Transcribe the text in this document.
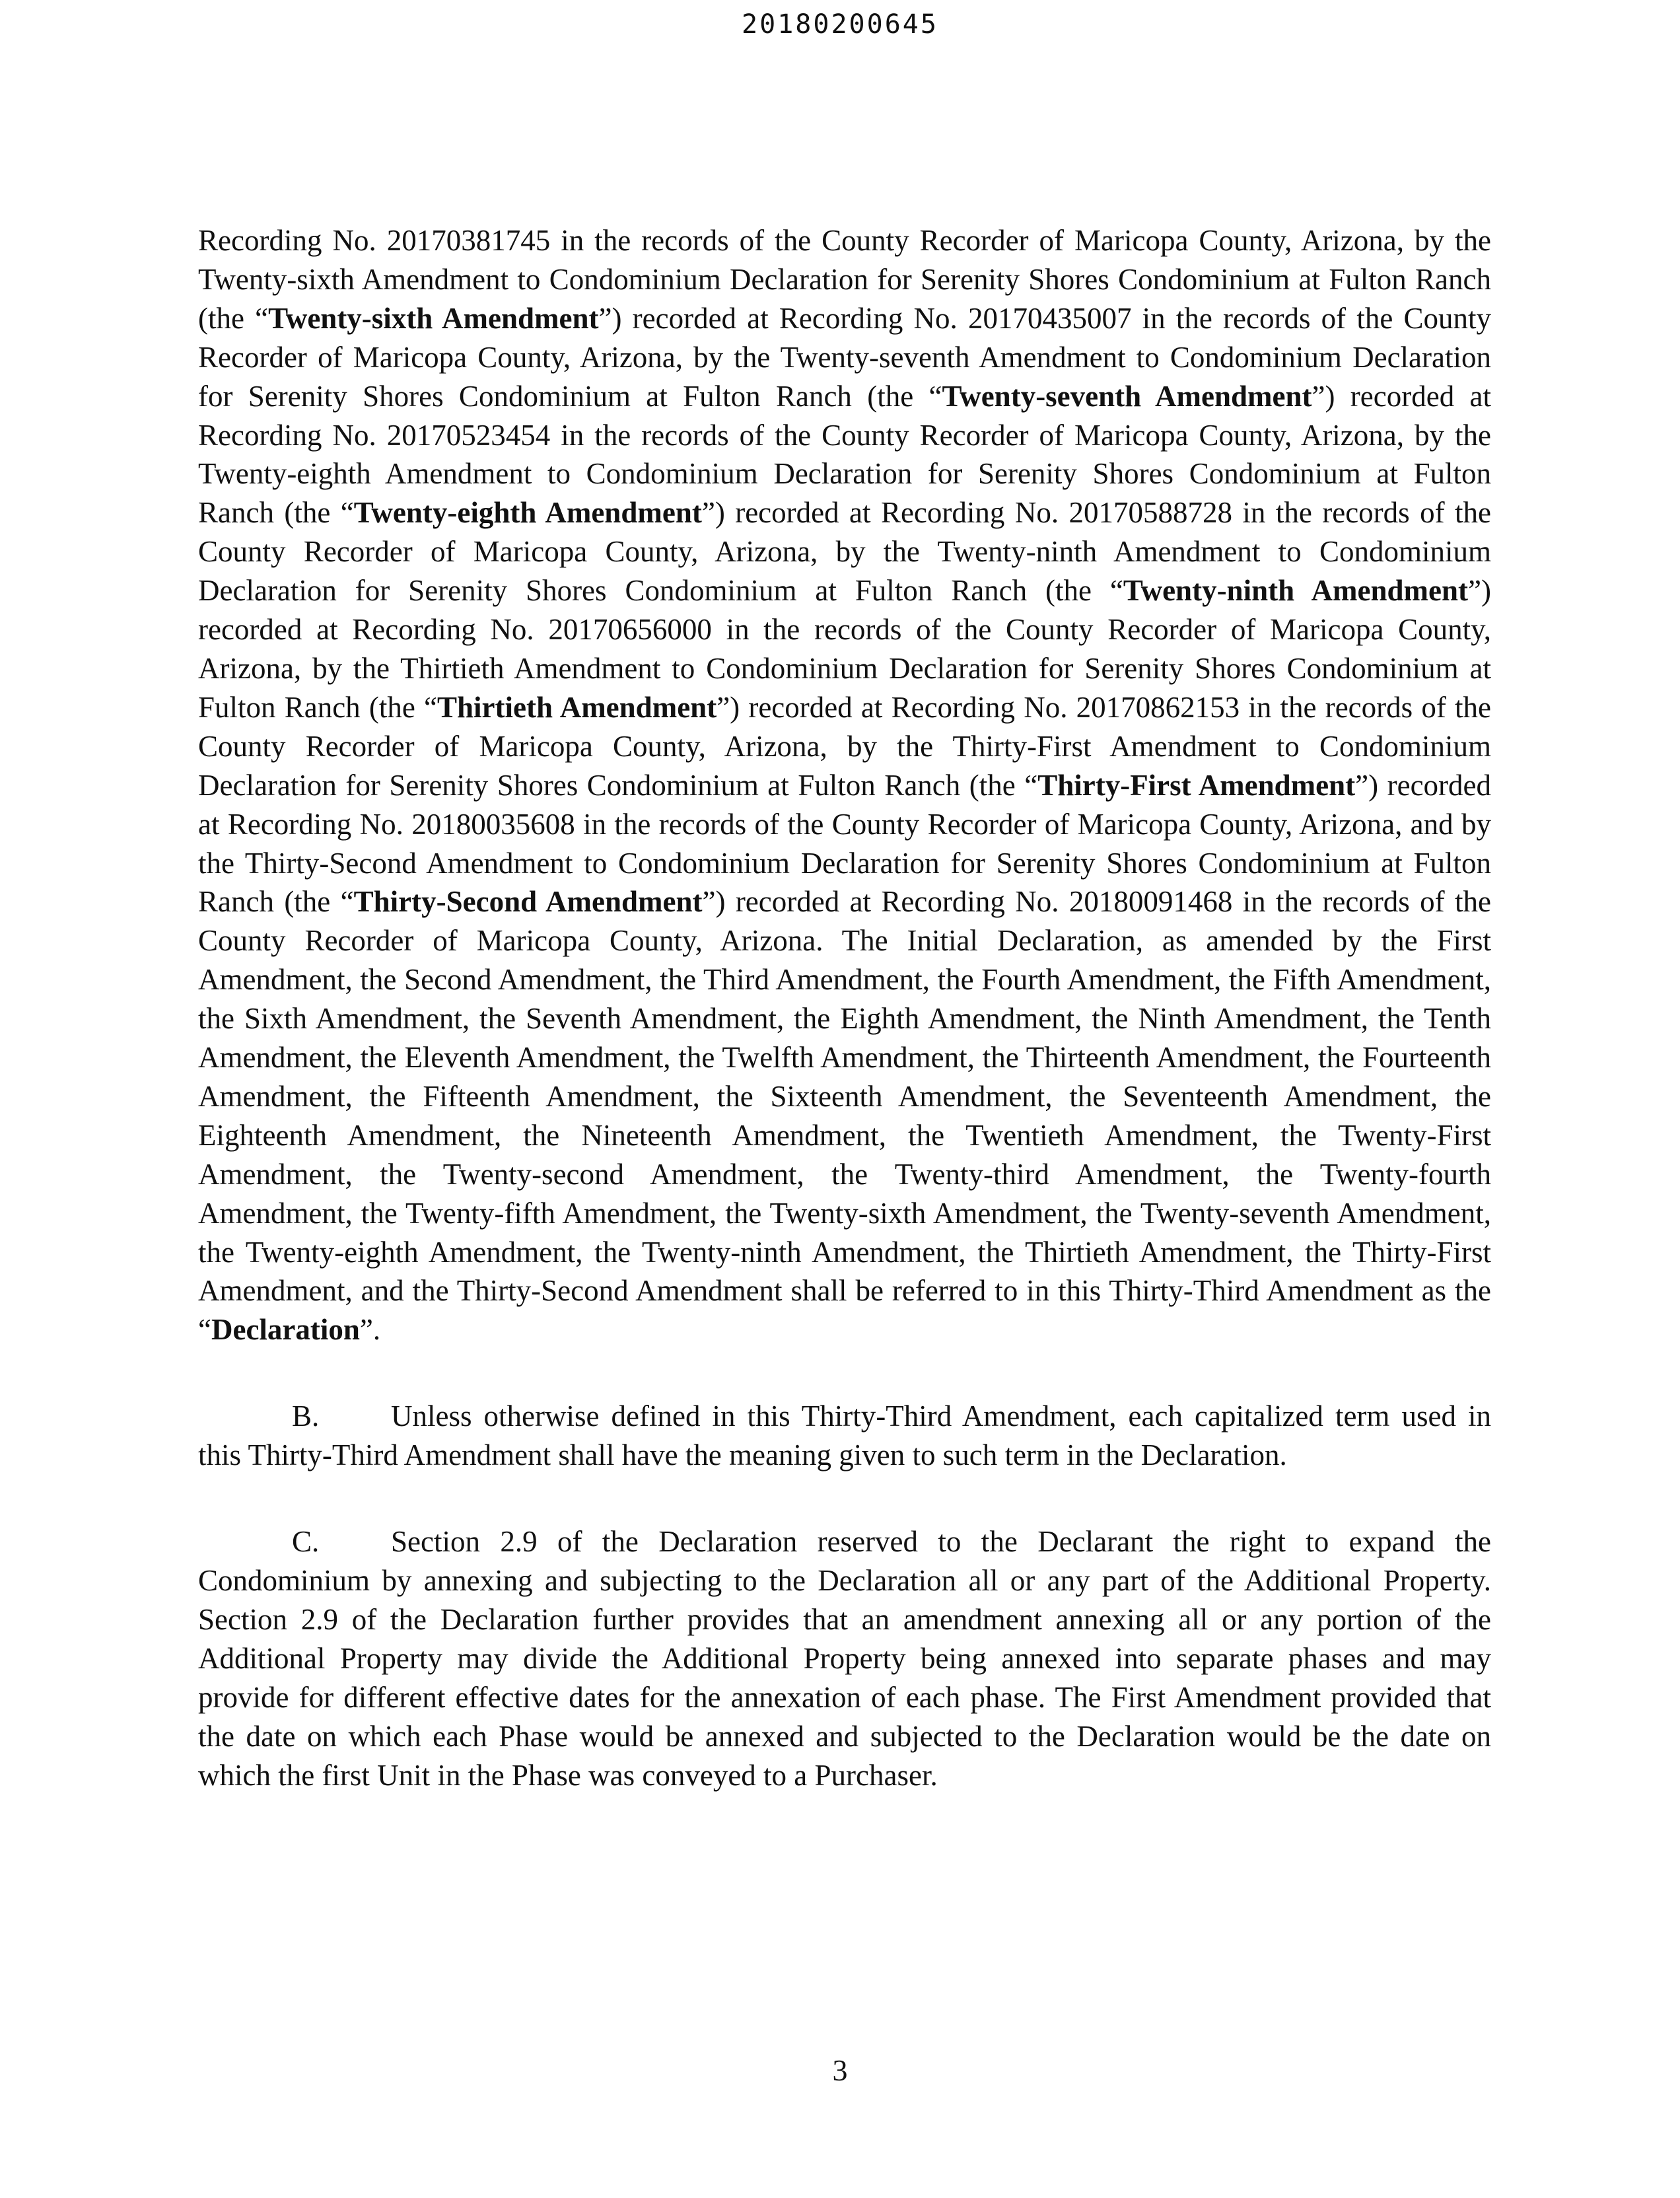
20180200645

Recording No. 20170381745 in the records of the County Recorder of Maricopa County, Arizona, by the Twenty-sixth Amendment to Condominium Declaration for Serenity Shores Condominium at Fulton Ranch (the “Twenty-sixth Amendment”) recorded at Recording No. 20170435007 in the records of the County Recorder of Maricopa County, Arizona, by the Twenty-seventh Amendment to Condominium Declaration for Serenity Shores Condominium at Fulton Ranch (the “Twenty-seventh Amendment”) recorded at Recording No. 20170523454 in the records of the County Recorder of Maricopa County, Arizona, by the Twenty-eighth Amendment to Condominium Declaration for Serenity Shores Condominium at Fulton Ranch (the “Twenty-eighth Amendment”) recorded at Recording No. 20170588728 in the records of the County Recorder of Maricopa County, Arizona, by the Twenty-ninth Amendment to Condominium Declaration for Serenity Shores Condominium at Fulton Ranch (the “Twenty-ninth Amendment”) recorded at Recording No. 20170656000 in the records of the County Recorder of Maricopa County, Arizona, by the Thirtieth Amendment to Condominium Declaration for Serenity Shores Condominium at Fulton Ranch (the “Thirtieth Amendment”) recorded at Recording No. 20170862153 in the records of the County Recorder of Maricopa County, Arizona, by the Thirty-First Amendment to Condominium Declaration for Serenity Shores Condominium at Fulton Ranch (the “Thirty-First Amendment”) recorded at Recording No. 20180035608 in the records of the County Recorder of Maricopa County, Arizona, and by the Thirty-Second Amendment to Condominium Declaration for Serenity Shores Condominium at Fulton Ranch (the “Thirty-Second Amendment”) recorded at Recording No. 20180091468 in the records of the County Recorder of Maricopa County, Arizona. The Initial Declaration, as amended by the First Amendment, the Second Amendment, the Third Amendment, the Fourth Amendment, the Fifth Amendment, the Sixth Amendment, the Seventh Amendment, the Eighth Amendment, the Ninth Amendment, the Tenth Amendment, the Eleventh Amendment, the Twelfth Amendment, the Thirteenth Amendment, the Fourteenth Amendment, the Fifteenth Amendment, the Sixteenth Amendment, the Seventeenth Amendment, the Eighteenth Amendment, the Nineteenth Amendment, the Twentieth Amendment, the Twenty-First Amendment, the Twenty-second Amendment, the Twenty-third Amendment, the Twenty-fourth Amendment, the Twenty-fifth Amendment, the Twenty-sixth Amendment, the Twenty-seventh Amendment, the Twenty-eighth Amendment, the Twenty-ninth Amendment, the Thirtieth Amendment, the Thirty-First Amendment, and the Thirty-Second Amendment shall be referred to in this Thirty-Third Amendment as the “Declaration”.

B. Unless otherwise defined in this Thirty-Third Amendment, each capitalized term used in this Thirty-Third Amendment shall have the meaning given to such term in the Declaration.

C. Section 2.9 of the Declaration reserved to the Declarant the right to expand the Condominium by annexing and subjecting to the Declaration all or any part of the Additional Property. Section 2.9 of the Declaration further provides that an amendment annexing all or any portion of the Additional Property may divide the Additional Property being annexed into separate phases and may provide for different effective dates for the annexation of each phase. The First Amendment provided that the date on which each Phase would be annexed and subjected to the Declaration would be the date on which the first Unit in the Phase was conveyed to a Purchaser.

3
